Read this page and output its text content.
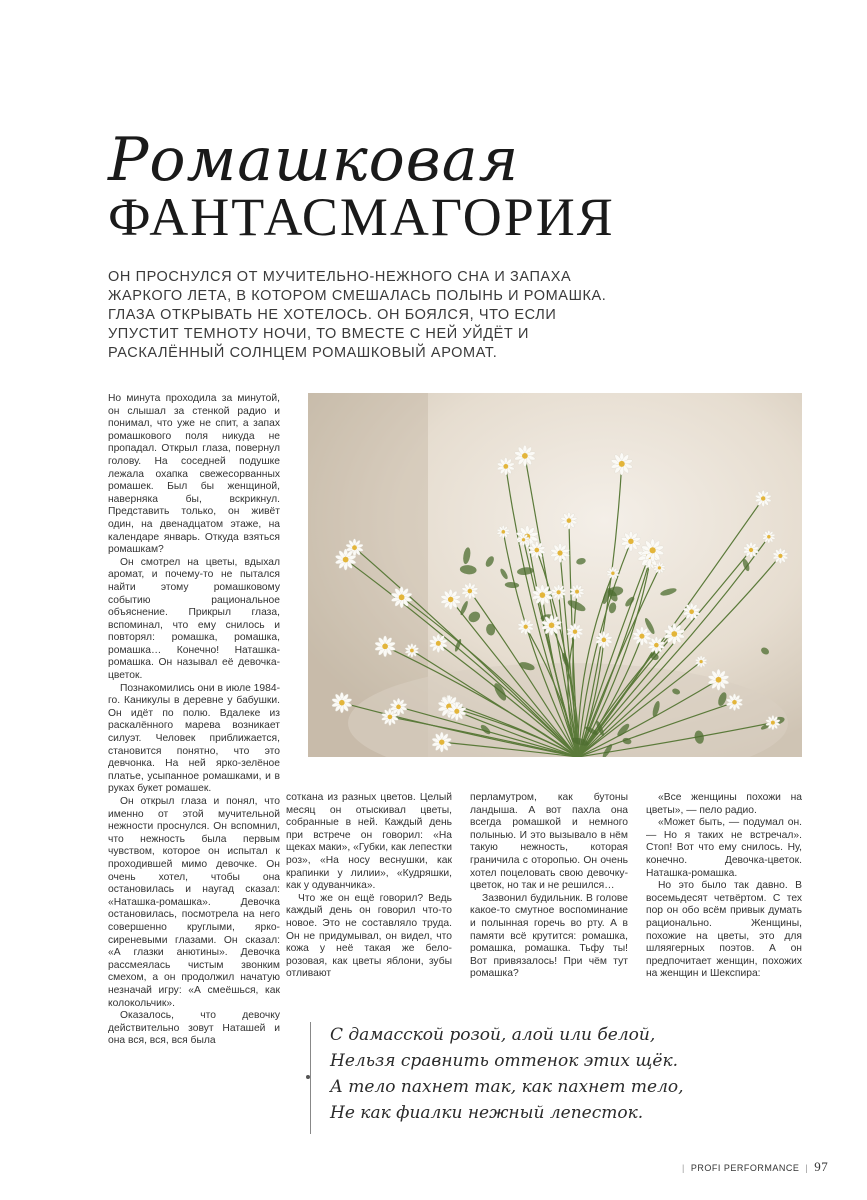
Ромашковая
ФАНТАСМАГОРИЯ

ОН ПРОСНУЛСЯ ОТ МУЧИТЕЛЬНО-НЕЖНОГО СНА И ЗАПАХА ЖАРКОГО ЛЕТА, В КОТОРОМ СМЕШАЛАСЬ ПОЛЫНЬ И РОМАШКА. ГЛАЗА ОТКРЫВАТЬ НЕ ХОТЕЛОСЬ. ОН БОЯЛСЯ, ЧТО ЕСЛИ УПУСТИТ ТЕМНОТУ НОЧИ, ТО ВМЕСТЕ С НЕЙ УЙДЁТ И РАСКАЛЁННЫЙ СОЛНЦЕМ РОМАШКОВЫЙ АРОМАТ.

Но минута проходила за минутой, он слышал за стенкой радио и понимал, что уже не спит, а запах ромашкового поля никуда не пропадал. Открыл глаза, повернул голову. На соседней подушке лежала охапка свежесорванных ромашек. Был бы женщиной, наверняка бы, вскрикнул. Представить только, он живёт один, на двенадцатом этаже, на календаре январь. Откуда взяться ромашкам?

Он смотрел на цветы, вдыхал аромат, и почему-то не пытался найти этому ромашковому событию рациональное объяснение. Прикрыл глаза, вспоминал, что ему снилось и повторял: ромашка, ромашка, ромашка… Конечно! Наташка-ромашка. Он называл её девочка-цветок.

Познакомились они в июле 1984-го. Каникулы в деревне у бабушки. Он идёт по полю. Вдалеке из раскалённого марева возникает силуэт. Человек приближается, становится понятно, что это девчонка. На ней ярко-зелёное платье, усыпанное ромашками, и в руках букет ромашек.

Он открыл глаза и понял, что именно от этой мучительной нежности проснулся. Он вспомнил, что нежность была первым чувством, которое он испытал к проходившей мимо девочке. Он очень хотел, чтобы она остановилась и наугад сказал: «Наташка-ромашка». Девочка остановилась, посмотрела на него совершенно круглыми, ярко-сиреневыми глазами. Он сказал: «А глазки анютины». Девочка рассмеялась чистым звонким смехом, а он продолжил начатую незначай игру: «А смеёшься, как колокольчик».

Оказалось, что девочку действительно зовут Наташей и она вся, вся, вся была

соткана из разных цветов. Целый месяц он отыскивал цветы, собранные в ней. Каждый день при встрече он говорил: «На щеках маки», «Губки, как лепестки роз», «На носу веснушки, как крапинки у лилии», «Кудряшки, как у одуванчика».

Что же он ещё говорил? Ведь каждый день он говорил что-то новое. Это не составляло труда. Он не придумывал, он видел, что кожа у неё такая же бело-розовая, как цветы яблони, зубы отливают

перламутром, как бутоны ландыша. А вот пахла она всегда ромашкой и немного полынью. И это вызывало в нём такую нежность, которая граничила с оторопью. Он очень хотел поцеловать свою девочку-цветок, но так и не решился…

Зазвонил будильник. В голове какое-то смутное воспоминание и полынная горечь во рту. А в памяти всё крутится: ромашка, ромашка, ромашка. Тьфу ты! Вот привязалось! При чём тут ромашка?

«Все женщины похожи на цветы», — пело радио.

«Может быть, — подумал он. — Но я таких не встречал». Стоп! Вот что ему снилось. Ну, конечно. Девочка-цветок. Наташка-ромашка.

Но это было так давно. В восемьдесят четвёртом. С тех пор он обо всём привык думать рационально. Женщины, похожие на цветы, это для шляягерных поэтов. А он предпочитает женщин, похожих на женщин и Шекспира:

С дамасской розой, алой или белой,
Нельзя сравнить оттенок этих щёк.
А тело пахнет так, как пахнет тело,
Не как фиалки нежный лепесток.
| PROFI PERFORMANCE | 97
